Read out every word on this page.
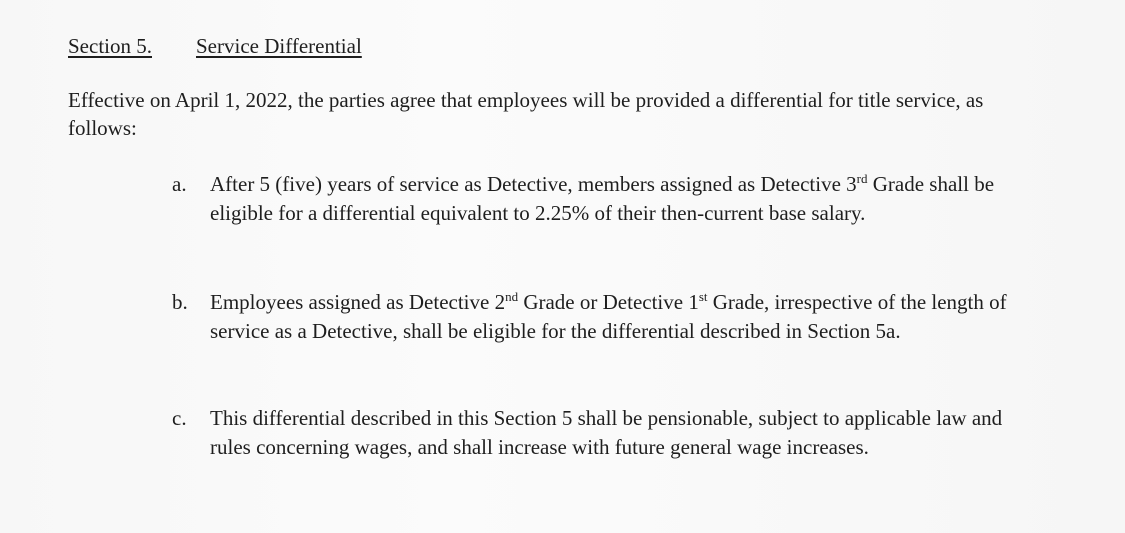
Section 5. Service Differential
Effective on April 1, 2022, the parties agree that employees will be provided a differential for title service, as follows:
a. After 5 (five) years of service as Detective, members assigned as Detective 3rd Grade shall be eligible for a differential equivalent to 2.25% of their then-current base salary.
b. Employees assigned as Detective 2nd Grade or Detective 1st Grade, irrespective of the length of service as a Detective, shall be eligible for the differential described in Section 5a.
c. This differential described in this Section 5 shall be pensionable, subject to applicable law and rules concerning wages, and shall increase with future general wage increases.
